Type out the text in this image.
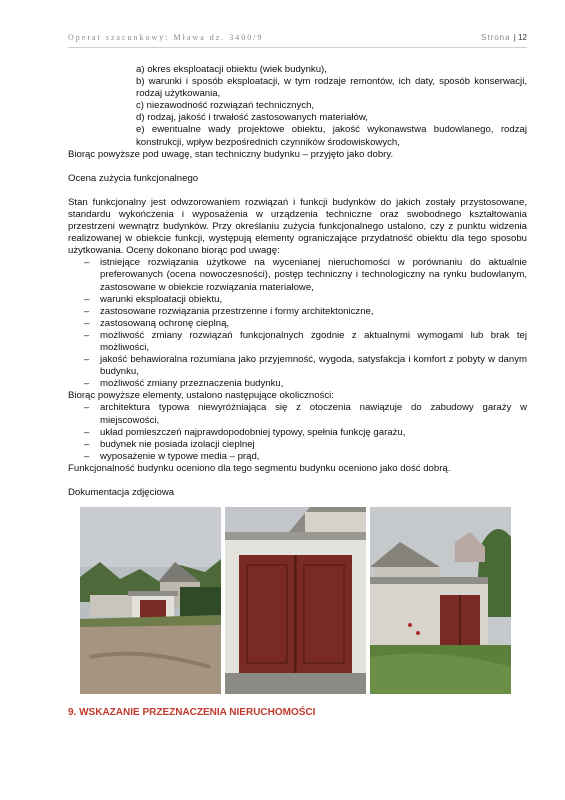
Operat szacunkowy: Mława dz. 3400/9	Strona | 12
a) okres eksploatacji obiektu (wiek budynku),
b) warunki i sposób eksploatacji, w tym rodzaje remontów, ich daty, sposób konserwacji, rodzaj użytkowania,
c) niezawodność rozwiązań technicznych,
d) rodzaj, jakość i trwałość zastosowanych materiałów,
e) ewentualne wady projektowe obiektu, jakość wykonawstwa budowlanego, rodzaj konstrukcji, wpływ bezpośrednich czynników środowiskowych,

Biorąc powyższe pod uwagę, stan techniczny budynku – przyjęto jako dobry.

Ocena zużycia funkcjonalnego

Stan funkcjonalny jest odwzorowaniem rozwiązań i funkcji budynków do jakich zostały przystosowane, standardu wykończenia i wyposażenia w urządzenia techniczne oraz swobodnego kształtowania przestrzeni wewnątrz budynków. Przy określaniu zużycia funkcjonalnego ustalono, czy z punktu widzenia realizowanej w obiekcie funkcji, występują elementy ograniczające przydatność obiektu dla tego sposobu użytkowania. Oceny dokonano biorąc pod uwagę:

– istniejące rozwiązania użytkowe na wycenianej nieruchomości w porównaniu do aktualnie preferowanych (ocena nowoczesności), postęp techniczny i technologiczny na rynku budowlanym, zastosowane w obiekcie rozwiązania materiałowe,
– warunki eksploatacji obiektu,
– zastosowane rozwiązania przestrzenne i formy architektoniczne,
– zastosowaną ochronę cieplną,
– możliwość zmiany rozwiązań funkcjonalnych zgodnie z aktualnymi wymogami lub brak tej możliwości,
– jakość behawioralna rozumiana jako przyjemność, wygoda, satysfakcja i komfort z pobyty w danym budynku,
– możliwość zmiany przeznaczenia budynku,

Biorąc powyższe elementy, ustalono następujące okoliczności:

– architektura typowa niewyróżniająca się z otoczenia nawiązuje do zabudowy garaży w miejscowości,
– układ pomieszczeń najprawdopodobniej typowy, spełnia funkcję garażu,
– budynek nie posiada izolacji cieplnej
– wyposażenie w typowe media – prąd,

Funkcjonalność budynku oceniono dla tego segmentu budynku oceniono jako dość dobrą.

Dokumentacja zdjęciowa

9. WSKAZANIE PRZEZNACZENIA NIERUCHOMOŚCI
